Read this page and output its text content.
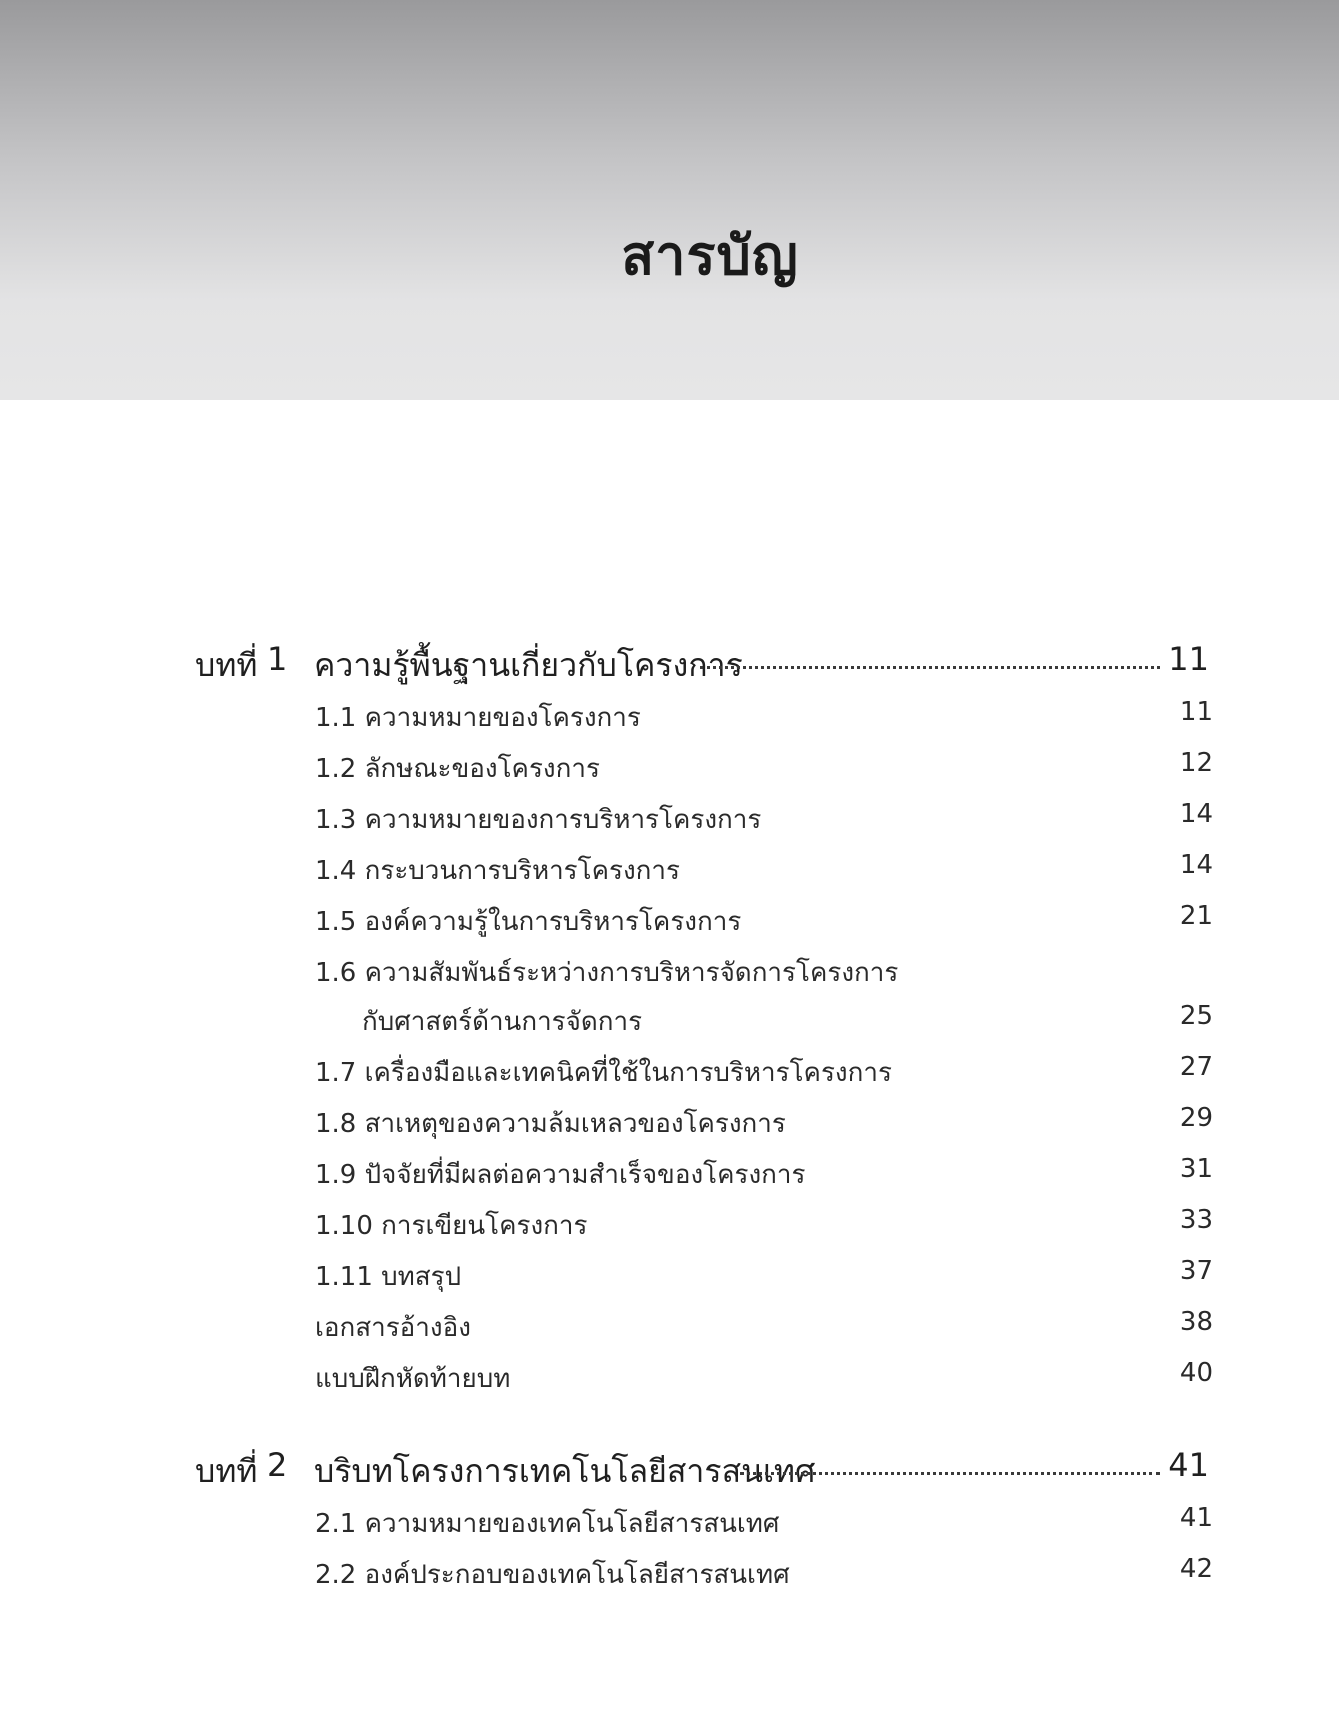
สารบัญ
บทที่ 1 ความรู้พื้นฐานเกี่ยวกับโครงการ	11
1.1 ความหมายของโครงการ	11
1.2 ลักษณะของโครงการ	12
1.3 ความหมายของการบริหารโครงการ	14
1.4 กระบวนการบริหารโครงการ	14
1.5 องค์ความรู้ในการบริหารโครงการ	21
1.6 ความสัมพันธ์ระหว่างการบริหารจัดการโครงการ
กับศาสตร์ด้านการจัดการ	25
1.7 เครื่องมือและเทคนิคที่ใช้ในการบริหารโครงการ	27
1.8 สาเหตุของความล้มเหลวของโครงการ	29
1.9 ปัจจัยที่มีผลต่อความสำเร็จของโครงการ	31
1.10 การเขียนโครงการ	33
1.11 บทสรุป	37
เอกสารอ้างอิง	38
แบบฝึกหัดท้ายบท	40
บทที่ 2 บริบทโครงการเทคโนโลยีสารสนเทศ	41
2.1 ความหมายของเทคโนโลยีสารสนเทศ	41
2.2 องค์ประกอบของเทคโนโลยีสารสนเทศ	42
